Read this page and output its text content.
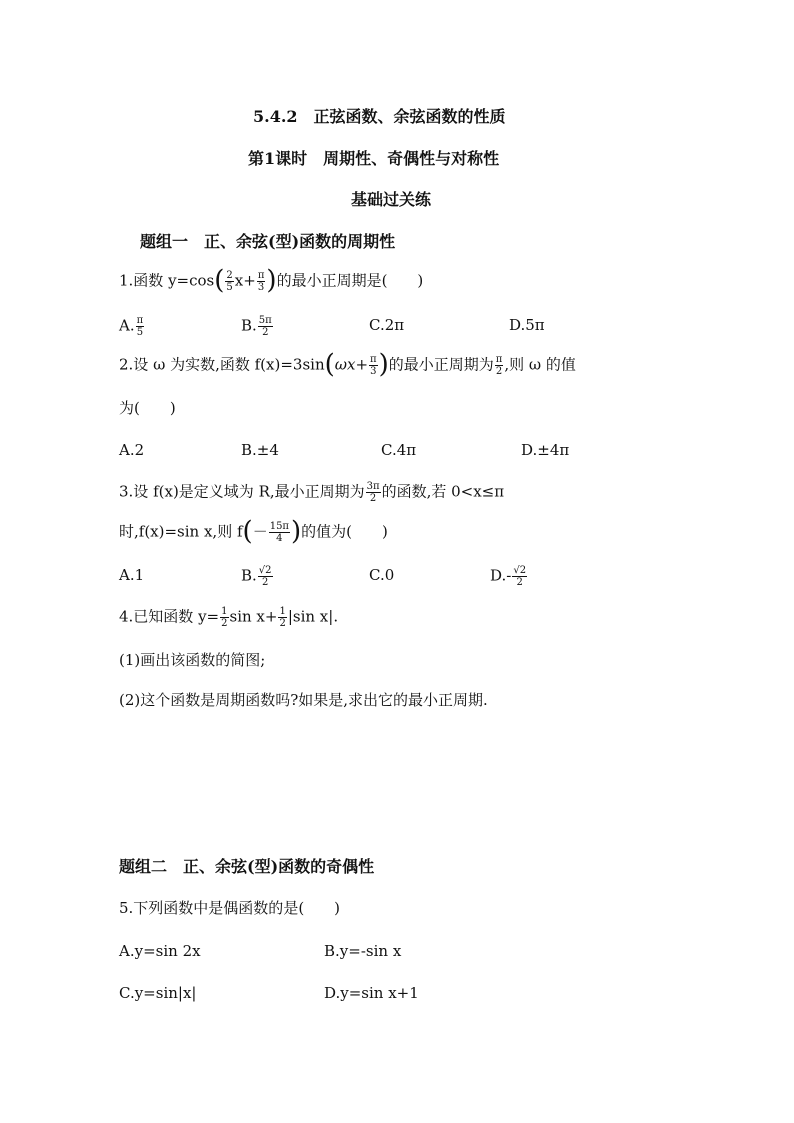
5.4.2　正弦函数、余弦函数的性质
第1课时　周期性、奇偶性与对称性
基础过关练
题组一　正、余弦(型)函数的周期性
1.函数 $y=\cos( \frac{2}{5} x+ \frac{\pi}{3}$ )的最小正周期是(　　)
A. $\frac{\pi}{5}$	B. $\frac{5\pi}{2}$	C.2π	D.5π
2.设 ω 为实数,函数 $f(x)=3\sin(\omega x+ \frac{\pi}{3}$ )的最小正周期为 $\frac{\pi}{2}$ ,则 ω 的值
为(　　)
A.2	B.±4	C.4π	D.±4π
3.设 f(x)是定义域为 R,最小正周期为 $\frac{3\pi}{2}$ 的函数,若 0<x≤π
时,f(x)=sin x,则 $f(- \frac{15\pi}{4}$ )的值为(　　)
A.1	B. $\frac{√2}{2}$	C.0	$D.- \frac{√2}{2}$
4.已知函数 $y= \frac{1}{2}$ $\sin x+ \frac{1}{2} |\sin$ x|.
(1)画出该函数的简图;
(2)这个函数是周期函数吗?如果是,求出它的最小正周期.
题组二　正、余弦(型)函数的奇偶性
5.下列函数中是偶函数的是(　　)
A.y=sin 2x	B.y=-sin x
C.y=sin|x|	D.y=sin x+1
